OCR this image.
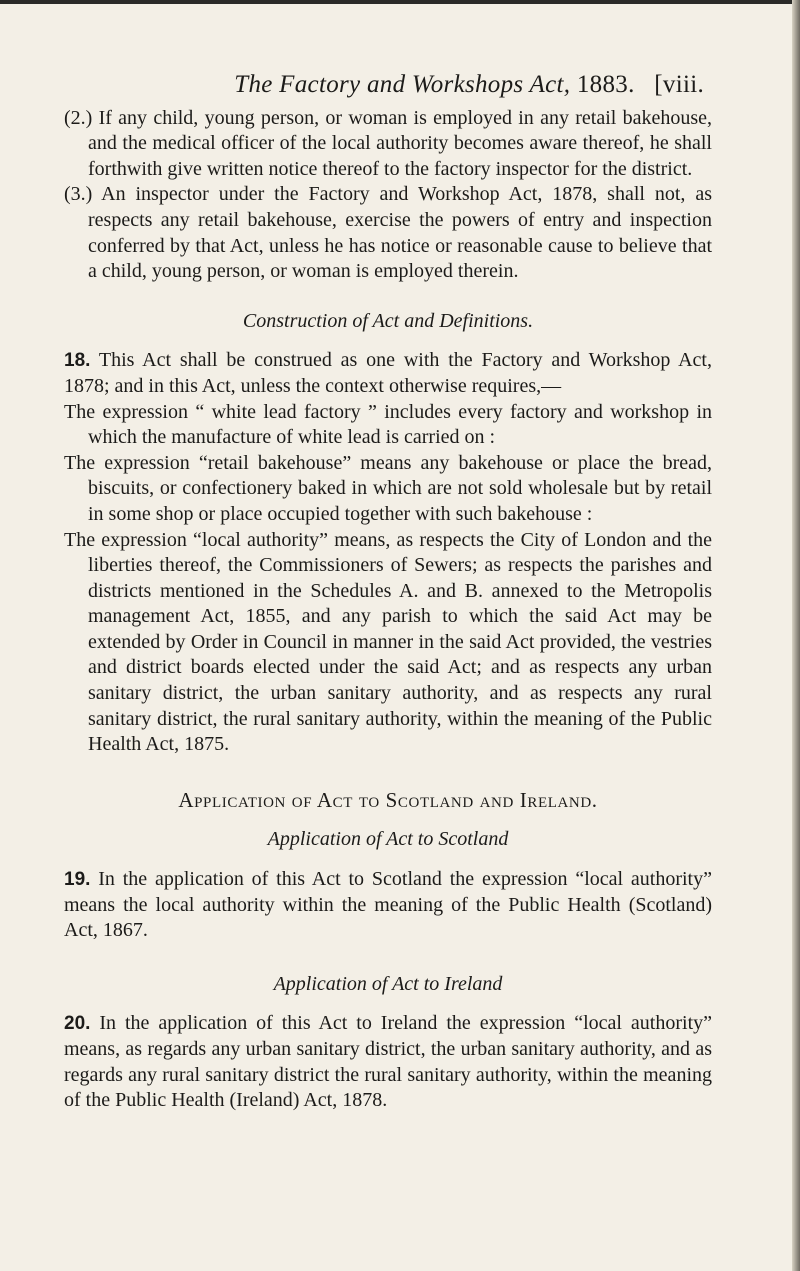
The Factory and Workshops Act, 1883. [viii.

(2.) If any child, young person, or woman is employed in any retail bakehouse, and the medical officer of the local authority becomes aware thereof, he shall forthwith give written notice thereof to the factory inspector for the district.

(3.) An inspector under the Factory and Workshop Act, 1878, shall not, as respects any retail bakehouse, exercise the powers of entry and inspection conferred by that Act, unless he has notice or reasonable cause to believe that a child, young person, or woman is employed therein.

Construction of Act and Definitions.

18. This Act shall be construed as one with the Factory and Workshop Act, 1878; and in this Act, unless the context otherwise requires,—

The expression “ white lead factory ” includes every factory and workshop in which the manufacture of white lead is carried on :

The expression “retail bakehouse” means any bakehouse or place the bread, biscuits, or confectionery baked in which are not sold wholesale but by retail in some shop or place occupied together with such bakehouse :

The expression “local authority” means, as respects the City of London and the liberties thereof, the Commissioners of Sewers; as respects the parishes and districts mentioned in the Schedules A. and B. annexed to the Metropolis management Act, 1855, and any parish to which the said Act may be extended by Order in Council in manner in the said Act provided, the vestries and district boards elected under the said Act; and as respects any urban sanitary district, the urban sanitary authority, and as respects any rural sanitary district, the rural sanitary authority, within the meaning of the Public Health Act, 1875.

Application of Act to Scotland and Ireland.
Application of Act to Scotland

19. In the application of this Act to Scotland the expression “local authority” means the local authority within the meaning of the Public Health (Scotland) Act, 1867.

Application of Act to Ireland

20. In the application of this Act to Ireland the expression “local authority” means, as regards any urban sanitary district, the urban sanitary authority, and as regards any rural sanitary district the rural sanitary authority, within the meaning of the Public Health (Ireland) Act, 1878.
